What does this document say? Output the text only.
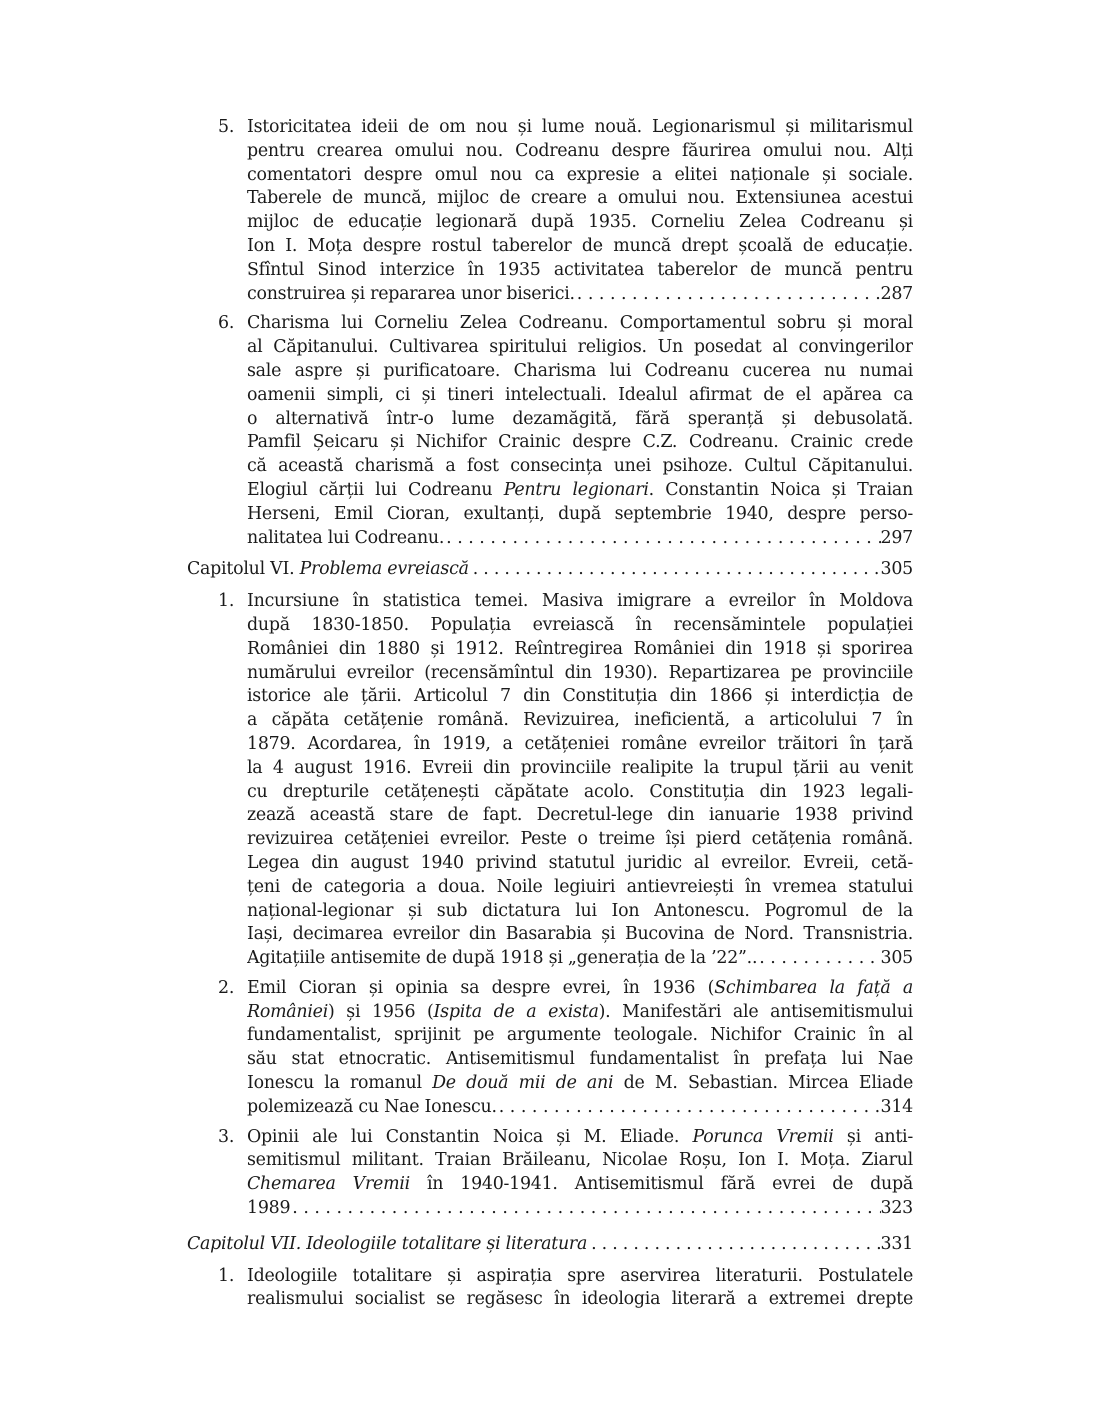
5. Istoricitatea ideii de om nou și lume nouă. Legionarismul și militarismul
pentru crearea omului nou. Codreanu despre făurirea omului nou. Alți
comentatori despre omul nou ca expresie a elitei naționale și sociale.
Taberele de muncă, mijloc de creare a omului nou. Extensiunea acestui
mijloc de educație legionară după 1935. Corneliu Zelea Codreanu și
Ion I. Moța despre rostul taberelor de muncă drept școală de educație.
Sfîntul Sinod interzice în 1935 activitatea taberelor de muncă pentru
construirea și repararea unor biserici. . . .	287
6. Charisma lui Corneliu Zelea Codreanu. Comportamentul sobru și moral
al Căpitanului. Cultivarea spiritului religios. Un posedat al convingerilor
sale aspre și purificatoare. Charisma lui Codreanu cucerea nu numai
oamenii simpli, ci și tineri intelectuali. Idealul afirmat de el apărea ca
o alternativă într-o lume dezamăgită, fără speranță și debusolată.
Pamfil Șeicaru și Nichifor Crainic despre C.Z. Codreanu. Crainic crede
că această charismă a fost consecința unei psihoze. Cultul Căpitanului.
Elogiul cărții lui Codreanu Pentru legionari. Constantin Noica și Traian
Herseni, Emil Cioran, exultanți, după septembrie 1940, despre perso-
nalitatea lui Codreanu. . . .	297
Capitolul VI.
Problema evreiască . . .	305
1. Incursiune în statistica temei. Masiva imigrare a evreilor în Moldova
după 1830-1850. Populația evreiască în recensămintele populației
României din 1880 și 1912. Reîntregirea României din 1918 și sporirea
numărului evreilor (recensămîntul din 1930). Repartizarea pe provinciile
istorice ale țării. Articolul 7 din Constituția din 1866 și interdicția de
a căpăta cetățenie română. Revizuirea, ineficientă, a articolului 7 în
1879. Acordarea, în 1919, a cetățeniei române evreilor trăitori în țară
la 4 august 1916. Evreii din provinciile realipite la trupul țării au venit
cu drepturile cetățenești căpătate acolo. Constituția din 1923 legali-
zează această stare de fapt. Decretul-lege din ianuarie 1938 privind
revizuirea cetățeniei evreilor. Peste o treime își pierd cetățenia română.
Legea din august 1940 privind statutul juridic al evreilor. Evreii, cetă-
țeni de categoria a doua. Noile legiuiri antievreiești în vremea statului
național-legionar și sub dictatura lui Ion Antonescu. Pogromul de la
Iași, decimarea evreilor din Basarabia și Bucovina de Nord. Transnistria.
Agitațiile antisemite de după 1918 și „generația de la ’22”.. . . .	305
2. Emil Cioran și opinia sa despre evrei, în 1936 (Schimbarea la față a
României) și 1956 (Ispita de a exista). Manifestări ale antisemitismului
fundamentalist, sprijinit pe argumente teologale. Nichifor Crainic în al
său stat etnocratic. Antisemitismul fundamentalist în prefața lui Nae
Ionescu la romanul De două mii de ani de M. Sebastian. Mircea Eliade
polemizează cu Nae Ionescu. . . .	314
3. Opinii ale lui Constantin Noica și M. Eliade. Porunca Vremii și anti-
semitismul militant. Traian Brăileanu, Nicolae Roșu, Ion I. Moța. Ziarul
Chemarea Vremii în 1940-1941. Antisemitismul fără evrei de după
1989 . . .	323
Capitolul VII. Ideologiile totalitare și literatura . . .	331
1. Ideologiile totalitare și aspirația spre aservirea literaturii. Postulatele
realismului socialist se regăsesc în ideologia literară a extremei drepte
